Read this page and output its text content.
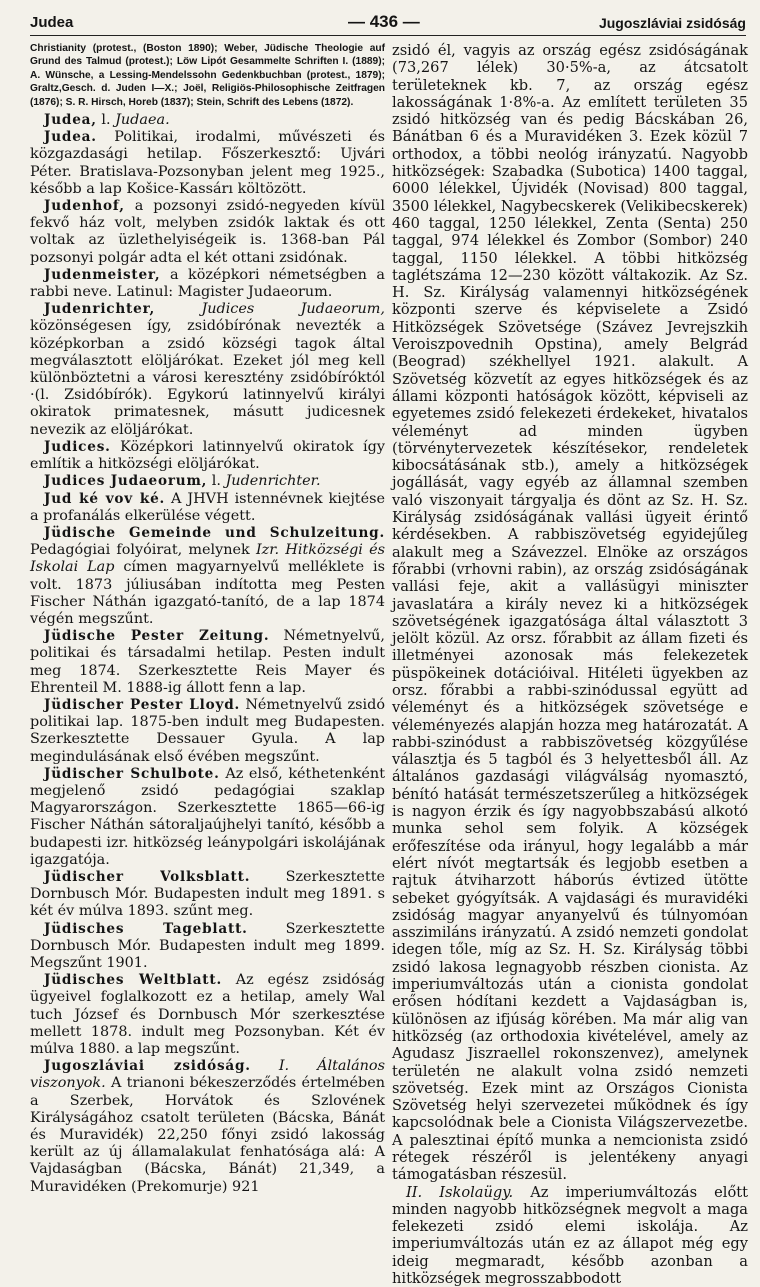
Judea	— 436 —	Jugoszláviai zsidóság

Christianity (protest., (Boston 1890); Weber, Jüdische Theologie auf Grund des Talmud (protest.); Löw Lipót Gesammelte Schriften I. (1889); A. Wünsche, a Lessing-Mendelssohn Gedenkbuchban (protest., 1879); Graltz,Gesch. d. Juden I—X.; Joël, Religiös-Philosophische Zeitfragen (1876); S. R. Hirsch, Horeb (1837); Stein, Schrift des Lebens (1872).

Judea, l. Judaea.

Judea. Politikai, irodalmi, művészeti és közgazdasági hetilap. Főszerkesztő: Ujvári Péter. Bratislava-Pozsonyban jelent meg 1925., később a lap Košice-Kassárı költözött.

Judenhof, a pozsonyi zsidó-negyeden kívül fekvő ház volt, melyben zsidók laktak és ott voltak az üzlethelyiségeik is. 1368-ban Pál pozsonyi polgár adta el két ottani zsidónak.

Judenmeister, a középkori németségben a rabbi neve. Latinul: Magister Judaeorum.

Judenrichter,	Judices Judaeorum, közönségesen így, zsidóbírónak nevezték a középkorban a zsidó községi tagok által megválasztott elöljárókat. Ezeket jól meg kell különböztetni a városi keresztény zsidóbíróktól ·(l. Zsidóbírók). Egykorú latinnyelvű királyi okiratok primatesnek, másutt judicesnek nevezik az elöljárókat.

Judices. Középkori latinnyelvű okiratok így említik a hitközségi elöljárókat.

Judices Judaeorum, l. Judenrichter.

Jud ké vov ké. A JHVH istennévnek kiejtése a profanálás elkerülése végett.

Jüdische Gemeinde und Schulzeitung. Pedagógiai folyóirat, melynek Izr. Hitközségi és Iskolai Lap címen magyarnyelvű melléklete is volt. 1873 júliusában indította meg Pesten Fischer Náthán igazgató-tanító, de a lap 1874 végén megszűnt.

Jüdische Pester Zeitung. Németnyelvű, politikai és társadalmi hetilap. Pesten indult meg 1874. Szerkesztette Reis Mayer és Ehrenteil M. 1888-ig állott fenn a lap.

Jüdischer Pester Lloyd. Németnyelvű zsidó politikai lap. 1875-ben indult meg Budapesten. Szerkesztette Dessauer Gyula. A lap megindulásának első évében megszűnt.

Jüdischer Schulbote. Az első, kéthetenként megjelenő zsidó pedagógiai szaklap Magyarországon. Szerkesztette 1865—66-ig Fischer Náthán sátoraljaújhelyi tanító, később a budapesti izr. hitközség leánypolgári iskolájának igazgatója.

Jüdischer Volksblatt. Szerkesztette Dornbusch Mór. Budapesten indult meg 1891. s két év múlva 1893. szűnt meg.

Jüdisches Tageblatt. Szerkesztette Dornbusch Mór. Budapesten indult meg 1899. Megszűnt 1901.

Jüdisches Weltblatt. Az egész zsidóság ügyeivel foglalkozott ez a hetilap, amely Wal tuch József és Dornbusch Mór szerkesztése mellett 1878. indult meg Pozsonyban. Két év múlva 1880. a lap megszűnt.

Jugoszláviai zsidóság. I. Általános viszonyok. A trianoni békeszerződés értelmében a Szerbek, Horvátok és Szlovének Királyságához csatolt területen (Bácska, Bánát és Muravidék) 22,250 főnyi zsidó lakosság került az új államalakulat fenhatósága alá: A Vajdaságban (Bácska, Bánát) 21,349, a Muravidéken (Prekomurje) 921

zsidó él, vagyis az ország egész zsidóságának (73,267 lélek) 30·5%-a, az átcsatolt területeknek kb. 7, az ország egész lakosságának 1·8%-a. Az említett területen 35 zsidó hitközség van és pedig Bácskában 26, Bánátban 6 és a Muravidéken 3. Ezek közül 7 orthodox, a többi neológ irányzatú. Nagyobb hitközségek: Szabadka (Subotica) 1400 taggal, 6000 lélekkel, Újvidék (Novisad) 800 taggal, 3500 lélekkel, Nagybecskerek (Velikibecskerek) 460 taggal, 1250 lélekkel, Zenta (Senta) 250 taggal, 974 lélekkel és Zombor (Sombor) 240 taggal, 1150 lélekkel. A többi hitközség taglétszáma 12—230 között váltakozik. Az Sz. H. Sz. Királyság valamennyi hitközségének központi szerve és képviselete a Zsidó Hitközségek Szövetsége (Szávez Jevrejszkih Veroiszpovednih Opstina), amely Belgrád (Beograd) székhellyel 1921. alakult. A Szövetség közvetít az egyes hitközségek és az állami központi hatóságok között, képviseli az egyetemes zsidó felekezeti érdekeket, hivatalos véleményt ad minden ügyben (törvénytervezetek készítésekor, rendeletek kibocsátásának stb.), amely a hitközségek jogállását, vagy egyéb az államnal szemben való viszonyait tárgyalja és dönt az Sz. H. Sz. Királyság zsidóságának vallási ügyeit érintő kérdésekben. A rabbiszövetség egyidejűleg alakult meg a Szávezzel. Elnöke az országos főrabbi (vrhovni rabin), az ország zsidóságának vallási feje, akit a vallásügyi miniszter javaslatára a király nevez ki a hitközségek szövetségének igazgatósága által választott 3 jelölt közül. Az orsz. főrabbit az állam fizeti és illetményei azonosak más felekezetek püspökeinek dotációival. Hitéleti ügyekben az orsz. főrabbi a rabbi-szinódussal együtt ad véleményt és a hitközségek szövetsége e véleményezés alapján hozza meg határozatát. A rabbi-szinódust a rabbiszövetség közgyűlése választja és 5 tagból és 3 helyettesből áll. Az általános gazdasági világválság nyomasztó, bénító hatását természetszerűleg a hitközségek is nagyon érzik és így nagyobbszabású alkotó munka sehol sem folyik. A községek erőfeszítése oda irányul, hogy legalább a már elért nívót megtartsák és legjobb esetben a rajtuk átviharzott háborús évtized ütötte sebeket gyógyítsák. A vajdasági és muravidéki zsidóság magyar anyanyelvű és túlnyomóan asszimiláns irányzatú. A zsidó nemzeti gondolat idegen tőle, míg az Sz. H. Sz. Királyság többi zsidó lakosa legnagyobb részben cionista. Az imperiumváltozás után a cionista gondolat erősen hódítani kezdett a Vajdaságban is, különösen az ifjúság körében. Ma már alig van hitközség (az orthodoxia kivételével, amely az Agudasz Jiszraellel rokonszenvez), amelynek területén ne alakult volna zsidó nemzeti szövetség. Ezek mint az Országos Cionista Szövetség helyi szervezetei működnek és így kapcsolódnak bele a Cionista Világszervezetbe. A palesztinai építő munka a nemcionista zsidó rétegek részéről is jelentékeny anyagi támogatásban részesül.

II. Iskolaügy. Az imperiumváltozás előtt minden nagyobb hitközségnek megvolt a maga felekezeti zsidó elemi iskolája. Az imperiumváltozás után ez az állapot még egy ideig megmaradt, később azonban a hitközségek megrosszabbodott
